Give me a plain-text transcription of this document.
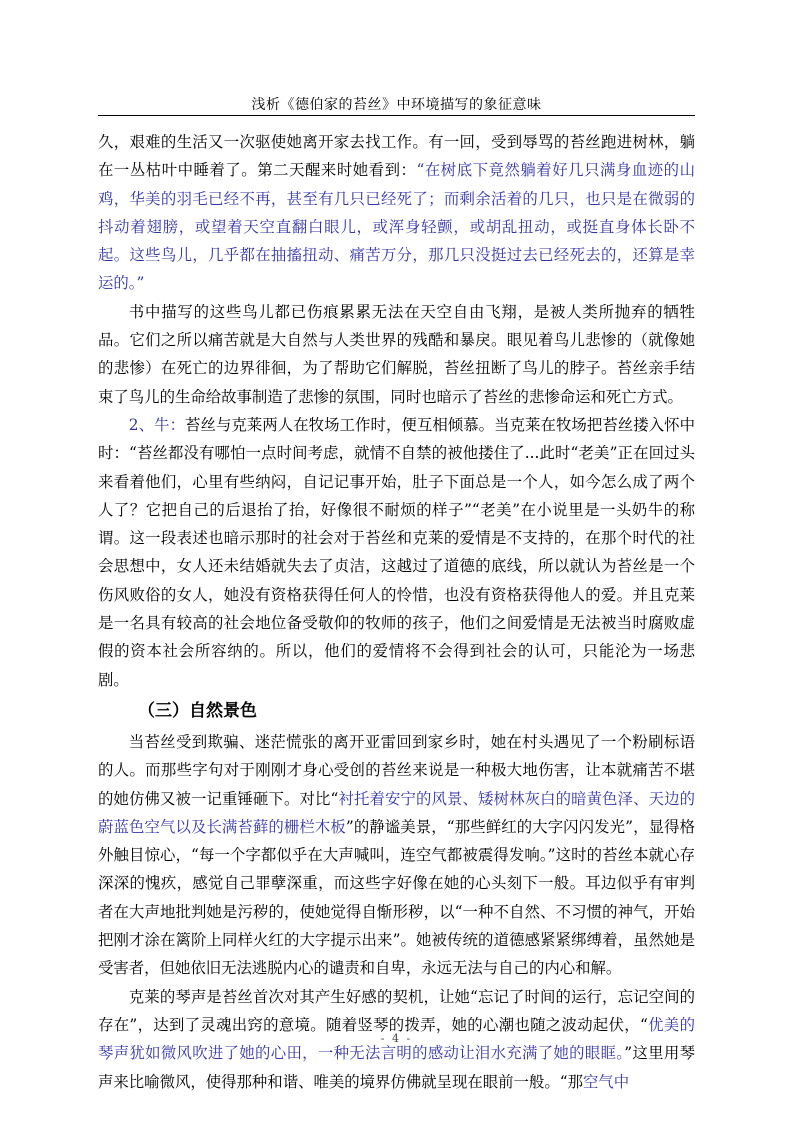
浅析《德伯家的苔丝》中环境描写的象征意味

久，艰难的生活又一次驱使她离开家去找工作。有一回，受到辱骂的苔丝跑进树林，躺在一丛枯叶中睡着了。第二天醒来时她看到：“在树底下竟然躺着好几只满身血迹的山鸡，华美的羽毛已经不再，甚至有几只已经死了；而剩余活着的几只，也只是在微弱的抖动着翅膀，或望着天空直翻白眼儿，或浑身轻颤，或胡乱扭动，或挺直身体长卧不起。这些鸟儿，几乎都在抽搐扭动、痛苦万分，那几只没挺过去已经死去的，还算是幸运的。”

书中描写的这些鸟儿都已伤痕累累无法在天空自由飞翔，是被人类所抛弃的牺牲品。它们之所以痛苦就是大自然与人类世界的残酷和暴戾。眼见着鸟儿悲惨的（就像她的悲惨）在死亡的边界徘徊，为了帮助它们解脱，苔丝扭断了鸟儿的脖子。苔丝亲手结束了鸟儿的生命给故事制造了悲惨的氛围，同时也暗示了苔丝的悲惨命运和死亡方式。

2、牛：苔丝与克莱两人在牧场工作时，便互相倾慕。当克莱在牧场把苔丝搂入怀中时：“苔丝都没有哪怕一点时间考虑，就情不自禁的被他搂住了...此时“老美”正在回过头来看着他们，心里有些纳闷，自记记事开始，肚子下面总是一个人，如今怎么成了两个人了？它把自己的后退抬了抬，好像很不耐烦的样子”“老美”在小说里是一头奶牛的称谓。这一段表述也暗示那时的社会对于苔丝和克莱的爱情是不支持的，在那个时代的社会思想中，女人还未结婚就失去了贞洁，这越过了道德的底线，所以就认为苔丝是一个伤风败俗的女人，她没有资格获得任何人的怜惜，也没有资格获得他人的爱。并且克莱是一名具有较高的社会地位备受敬仰的牧师的孩子，他们之间爱情是无法被当时腐败虚假的资本社会所容纳的。所以，他们的爱情将不会得到社会的认可，只能沦为一场悲剧。

（三）自然景色

当苔丝受到欺骗、迷茫慌张的离开亚雷回到家乡时，她在村头遇见了一个粉刷标语的人。而那些字句对于刚刚才身心受创的苔丝来说是一种极大地伤害，让本就痛苦不堪的她仿佛又被一记重锤砸下。对比“衬托着安宁的风景、矮树林灰白的暗黄色泽、天边的蔚蓝色空气以及长满苔藓的栅栏木板”的静谧美景，“那些鲜红的大字闪闪发光”，显得格外触目惊心，“每一个字都似乎在大声喊叫，连空气都被震得发响。”这时的苔丝本就心存深深的愧疚，感觉自己罪孽深重，而这些字好像在她的心头刻下一般。耳边似乎有审判者在大声地批判她是污秽的，使她觉得自惭形秽，以“一种不自然、不习惯的神气，开始把刚才涂在篱阶上同样火红的大字提示出来”。她被传统的道德感紧紧绑缚着，虽然她是受害者，但她依旧无法逃脱内心的谴责和自卑，永远无法与自己的内心和解。

克莱的琴声是苔丝首次对其产生好感的契机，让她“忘记了时间的运行，忘记空间的存在”，达到了灵魂出窍的意境。随着竖琴的拨弄，她的心潮也随之波动起伏，“优美的琴声犹如微风吹进了她的心田，一种无法言明的感动让泪水充满了她的眼眶。”这里用琴声来比喻微风，使得那种和谐、唯美的境界仿佛就呈现在眼前一般。“那空气中

- 4 -
